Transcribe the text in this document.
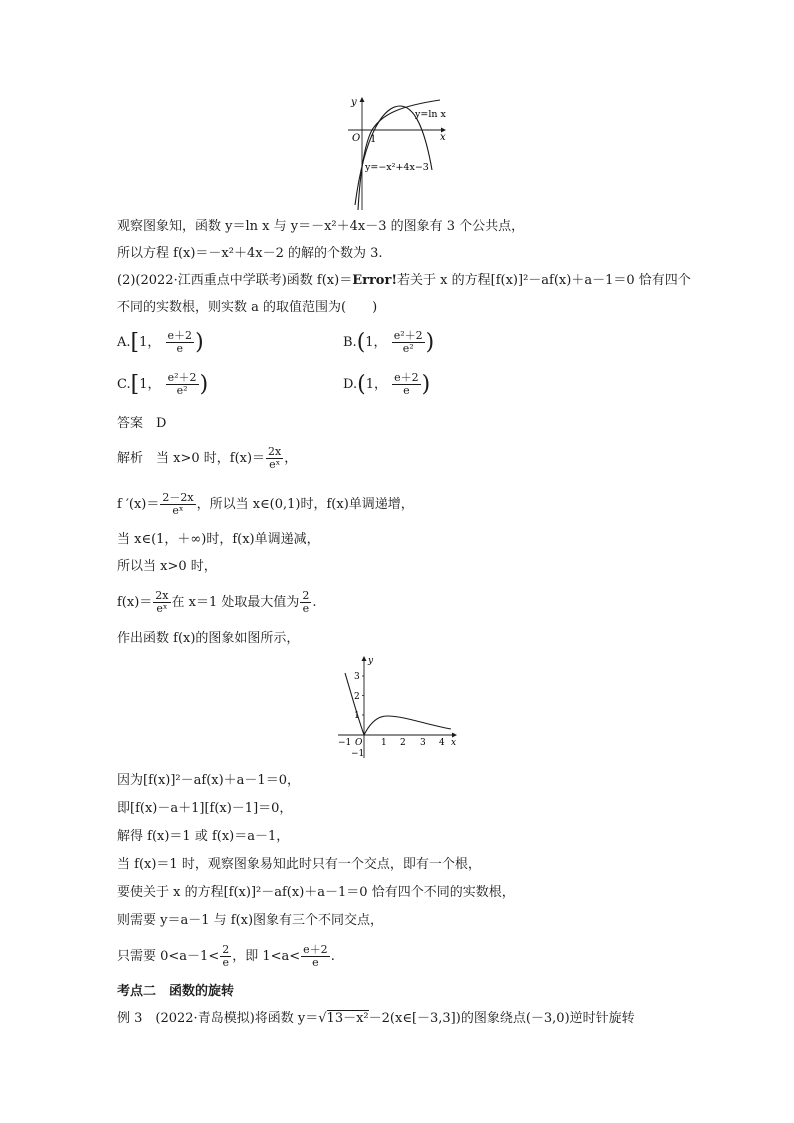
y
x
O 1
y=ln x
y=−x²+4x−3
观察图象知，函数 y＝ln x 与 y＝－x²＋4x－3 的图象有 3 个公共点，
所以方程 f(x)＝－x²＋4x－2 的解的个数为 3.
(2)(2022·江西重点中学联考)函数 f(x)＝Error!若关于 x 的方程[f(x)]²－af(x)＋a－1＝0 恰有四个
不同的实数根，则实数 a 的取值范围为(　　)
A.[1， $\frac{e+2}{e}$ )	B.(1， $\frac{\text{e²＋2}}{\text{e²}}$ )
C.[1， $\frac{\text{e²＋2}}{\text{e²}}$ )	D.(1， $\frac{e+2}{e}$ )
答案　D
解析　当 x>0 时，$f(x)= \frac{2x}{\text{eˣ}}$ ，
f $'(x)= \frac{2-2x}{\text{eˣ}}$ ，所以当 x∈(0,1)时，f(x)单调递增，
当 x∈(1，＋∞)时，f(x)单调递减，
所以当 x>0 时，
$f(x)= \frac{2x}{\text{eˣ}}$ 在 x＝1 处取最大值为 $\frac{2}{e}$ .
作出函数 f(x)的图象如图所示，
y
x
O
−1	1 2 3 4
3
2
1
−1
因为[f(x)]²－af(x)＋a－1＝0，
即[f(x)－a＋1][f(x)－1]＝0，
解得 f(x)＝1 或 f(x)＝a－1，
当 f(x)＝1 时，观察图象易知此时只有一个交点，即有一个根，
要使关于 x 的方程[f(x)]²－af(x)＋a－1＝0 恰有四个不同的实数根，
则需要 y＝a－1 与 f(x)图象有三个不同交点，
只需要 $0<a-1< \frac{2}{e}$ ，即 $1<a< \frac{e+2}{e}$ .
考点二　函数的旋转
例 3　(2022·青岛模拟)将函数 y＝√13－x²－2(x∈[－3,3])的图象绕点(－3,0)逆时针旋转
